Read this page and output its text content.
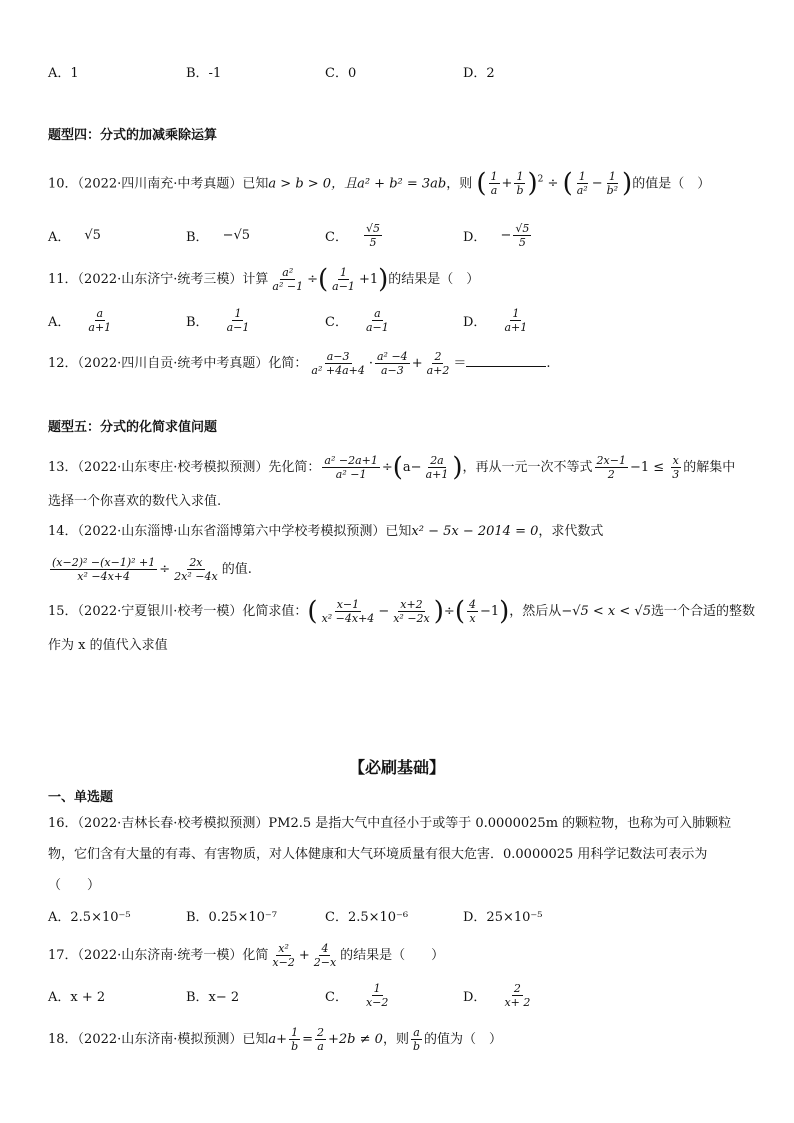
A．1	B．-1	C．0	D．2
题型四：分式的加减乘除运算
10．（2022·四川南充·中考真题）已知a > b > 0，且a² + b² = 3ab，则 ( $\frac{1}{a} + \frac{1}{b} )^2$ ÷ ( $\frac{1}{\text{a²}} - \frac{1}{\text{b²}}$ )的值是（　）
A． √5	B． −√5	C． $\frac{√5}{5}$	D． − $\frac{√5}{5}$
11．（2022·山东济宁·统考三模）计算 $\frac{\text{a²}}{\text{a² −1}}$ ÷( $\frac{1}{a-1} +1$)的结果是（　）
A． $\frac{a}{a+1}$	B． $\frac{1}{a-1}$	C． $\frac{a}{a-1}$	D． $\frac{1}{a+1}$
12．（2022·四川自贡·统考中考真题）化简： $\frac{a-3}{\text{a² +4a+4}} \cdot \frac{\text{a² −4}}{a-3} + \frac{2}{a+2}$ ＝	.
题型五：分式的化简求值问题
13．（2022·山东枣庄·校考模拟预测）先化简： $\frac{\text{a² −2a+1}}{\text{a² −1}} \div(a- \frac{2a}{a+1}$ )，再从一元一次不等式 $\frac{2x-1}{2} -1 \le \frac{x}{3}$ 的解集中
选择一个你喜欢的数代入求值.
14．（2022·山东淄博·山东省淄博第六中学校考模拟预测）已知x² − 5x − 2014 = 0，求代数式
$\frac{\text{(x−2)² −(x−1)² +1}}{\text{x² −4x+4}} \div \frac{2x}{\text{2x² −4x}}$ 的值.
15．（2022·宁夏银川·校考一模）化简求值：( $\frac{x-1}{\text{x² −4x+4}} - \frac{x+2}{\text{x² −2x}}$ )÷( $\frac{4}{x} -1$)，然后从−√5 < x < √5选一个合适的整数
作为 x 的值代入求值
【必刷基础】
一、单选题
16．（2022·吉林长春·校考模拟预测）PM2.5 是指大气中直径小于或等于 0.0000025m 的颗粒物，也称为可入肺颗粒
物，它们含有大量的有毒、有害物质，对人体健康和大气环境质量有很大危害．0.0000025 用科学记数法可表示为
（　　）
A．2.5×10⁻⁵	B．0.25×10⁻⁷	C．2.5×10⁻⁶	D．25×10⁻⁵
17．（2022·山东济南·统考一模）化简 $\frac{\text{x²}}{x-2} + \frac{4}{2-x}$ 的结果是（　　）
A．x + 2	B．x− 2	C． $\frac{1}{x-2}$	D． $\frac{2}{x+ 2}$
18．（2022·山东济南·模拟预测）已知$a+ \frac{1}{b} = \frac{2}{a} +2b \ne 0$，则 $\frac{a}{b}$ 的值为（　）
